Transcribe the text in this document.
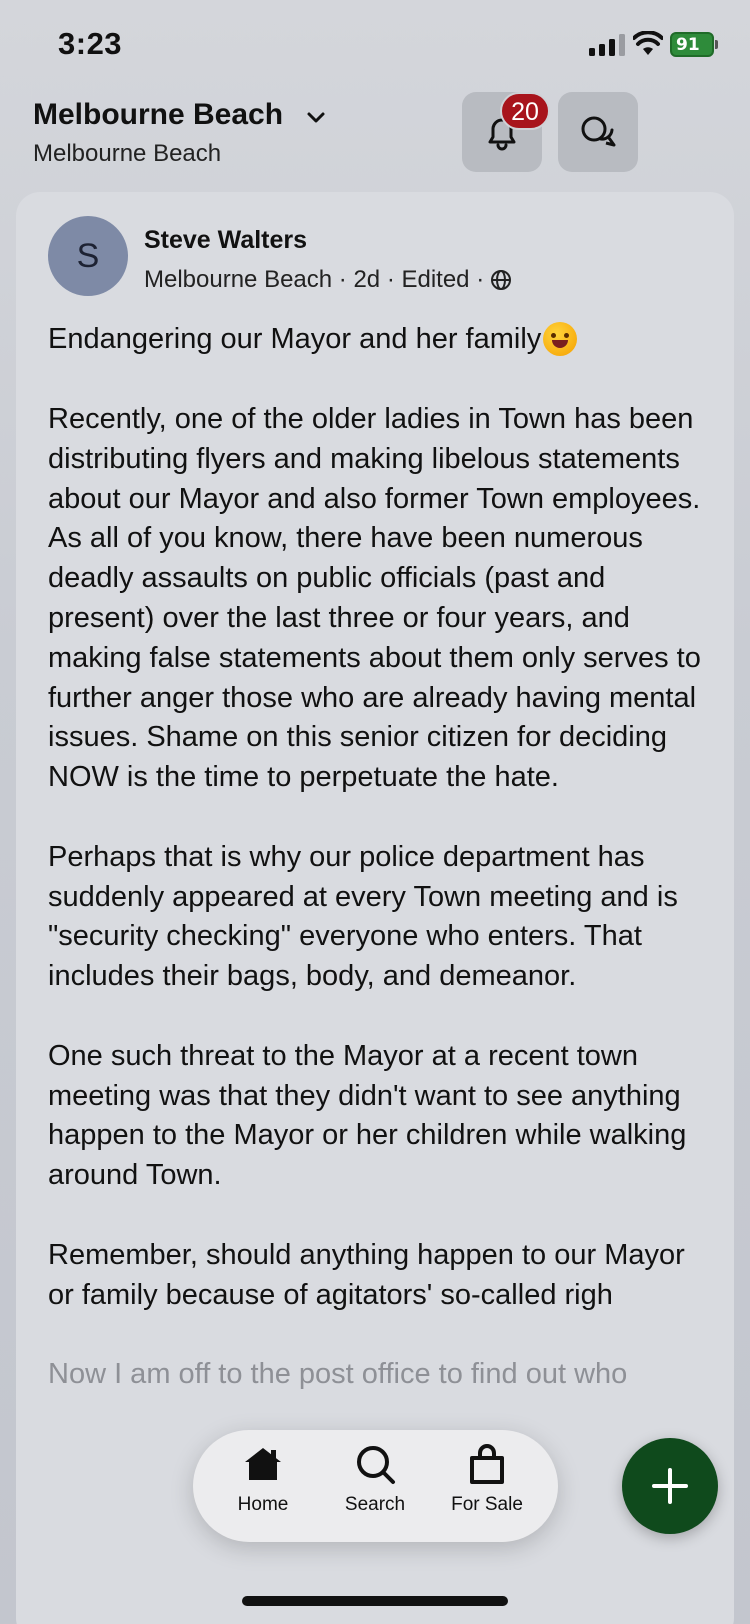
3:23	91
Melbourne Beach
Melbourne Beach
20
S	Steve Walters
Melbourne Beach · 2d · Edited ·
Endangering our Mayor and her family

Recently, one of the older ladies in Town has been distributing flyers and making libelous statements about our Mayor and also former Town employees. As all of you know, there have been numerous deadly assaults on public officials (past and present) over the last three or four years, and making false statements about them only serves to further anger those who are already having mental issues. Shame on this senior citizen for deciding NOW is the time to perpetuate the hate.

Perhaps that is why our police department has suddenly appeared at every Town meeting and is "security checking" everyone who enters. That includes their bags, body, and demeanor.

One such threat to the Mayor at a recent town meeting was that they didn't want to see anything happen to the Mayor or her children while walking around Town.

Remember, should anything happen to our Mayor or family because of agitators' so-called righ

Now I am off to the post office to find out who

Home	Search	For Sale
